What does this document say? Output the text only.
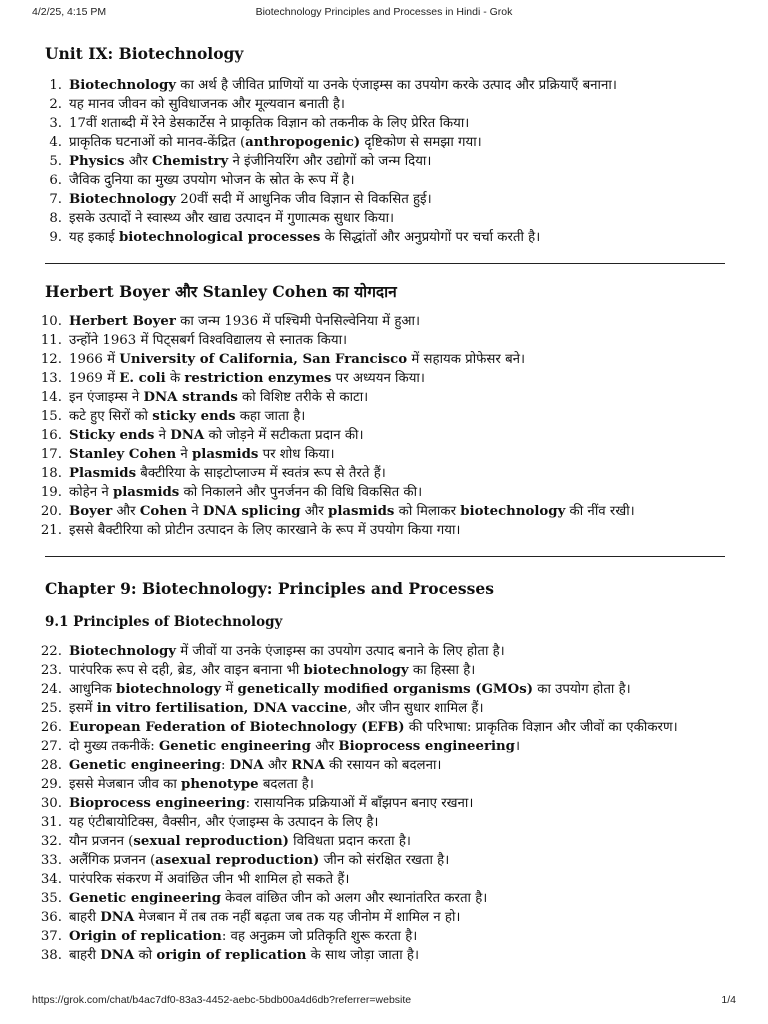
4/2/25, 4:15 PM	Biotechnology Principles and Processes in Hindi - Grok
Unit IX: Biotechnology
1. Biotechnology का अर्थ है जीवित प्राणियों या उनके एंजाइम्स का उपयोग करके उत्पाद और प्रक्रियाएँ बनाना।
2. यह मानव जीवन को सुविधाजनक और मूल्यवान बनाती है।
3. 17वीं शताब्दी में रेने डेसकार्टेस ने प्राकृतिक विज्ञान को तकनीक के लिए प्रेरित किया।
4. प्राकृतिक घटनाओं को मानव-केंद्रित (anthropogenic) दृष्टिकोण से समझा गया।
5. Physics और Chemistry ने इंजीनियरिंग और उद्योगों को जन्म दिया।
6. जैविक दुनिया का मुख्य उपयोग भोजन के स्रोत के रूप में है।
7. Biotechnology 20वीं सदी में आधुनिक जीव विज्ञान से विकसित हुई।
8. इसके उत्पादों ने स्वास्थ्य और खाद्य उत्पादन में गुणात्मक सुधार किया।
9. यह इकाई biotechnological processes के सिद्धांतों और अनुप्रयोगों पर चर्चा करती है।
Herbert Boyer और Stanley Cohen का योगदान
10. Herbert Boyer का जन्म 1936 में पश्चिमी पेनसिल्वेनिया में हुआ।
11. उन्होंने 1963 में पिट्सबर्ग विश्वविद्यालय से स्नातक किया।
12. 1966 में University of California, San Francisco में सहायक प्रोफेसर बने।
13. 1969 में E. coli के restriction enzymes पर अध्ययन किया।
14. इन एंजाइम्स ने DNA strands को विशिष्ट तरीके से काटा।
15. कटे हुए सिरों को sticky ends कहा जाता है।
16. Sticky ends ने DNA को जोड़ने में सटीकता प्रदान की।
17. Stanley Cohen ने plasmids पर शोध किया।
18. Plasmids बैक्टीरिया के साइटोप्लाज्म में स्वतंत्र रूप से तैरते हैं।
19. कोहेन ने plasmids को निकालने और पुनर्जनन की विधि विकसित की।
20. Boyer और Cohen ने DNA splicing और plasmids को मिलाकर biotechnology की नींव रखी।
21. इससे बैक्टीरिया को प्रोटीन उत्पादन के लिए कारखाने के रूप में उपयोग किया गया।
Chapter 9: Biotechnology: Principles and Processes
9.1 Principles of Biotechnology
22. Biotechnology में जीवों या उनके एंजाइम्स का उपयोग उत्पाद बनाने के लिए होता है।
23. पारंपरिक रूप से दही, ब्रेड, और वाइन बनाना भी biotechnology का हिस्सा है।
24. आधुनिक biotechnology में genetically modified organisms (GMOs) का उपयोग होता है।
25. इसमें in vitro fertilisation, DNA vaccine, और जीन सुधार शामिल हैं।
26. European Federation of Biotechnology (EFB) की परिभाषा: प्राकृतिक विज्ञान और जीवों का एकीकरण।
27. दो मुख्य तकनीकें: Genetic engineering और Bioprocess engineering।
28. Genetic engineering: DNA और RNA की रसायन को बदलना।
29. इससे मेजबान जीव का phenotype बदलता है।
30. Bioprocess engineering: रासायनिक प्रक्रियाओं में बाँझपन बनाए रखना।
31. यह एंटीबायोटिक्स, वैक्सीन, और एंजाइम्स के उत्पादन के लिए है।
32. यौन प्रजनन (sexual reproduction) विविधता प्रदान करता है।
33. अलैंगिक प्रजनन (asexual reproduction) जीन को संरक्षित रखता है।
34. पारंपरिक संकरण में अवांछित जीन भी शामिल हो सकते हैं।
35. Genetic engineering केवल वांछित जीन को अलग और स्थानांतरित करता है।
36. बाहरी DNA मेजबान में तब तक नहीं बढ़ता जब तक यह जीनोम में शामिल न हो।
37. Origin of replication: वह अनुक्रम जो प्रतिकृति शुरू करता है।
38. बाहरी DNA को origin of replication के साथ जोड़ा जाता है।
https://grok.com/chat/b4ac7df0-83a3-4452-aebc-5bdb00a4d6db?referrer=website	1/4
